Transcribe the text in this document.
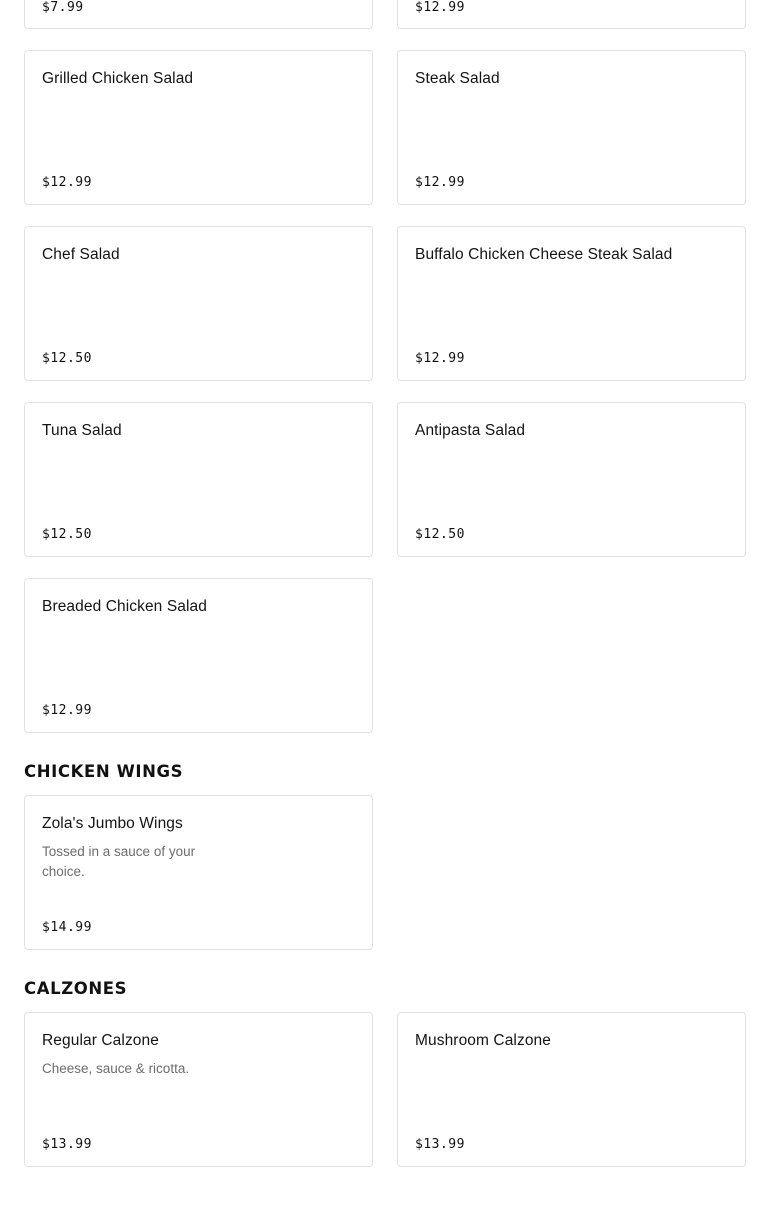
$7.99	$12.99
Grilled Chicken Salad
$12.99
Steak Salad
$12.99
Chef Salad
$12.50
Buffalo Chicken Cheese Steak Salad
$12.99
Tuna Salad
$12.50
Antipasta Salad
$12.50
Breaded Chicken Salad
$12.99
CHICKEN WINGS
Zola's Jumbo Wings
Tossed in a sauce of your choice.
$14.99
CALZONES
Regular Calzone
Cheese, sauce & ricotta.
$13.99
Mushroom Calzone
$13.99
